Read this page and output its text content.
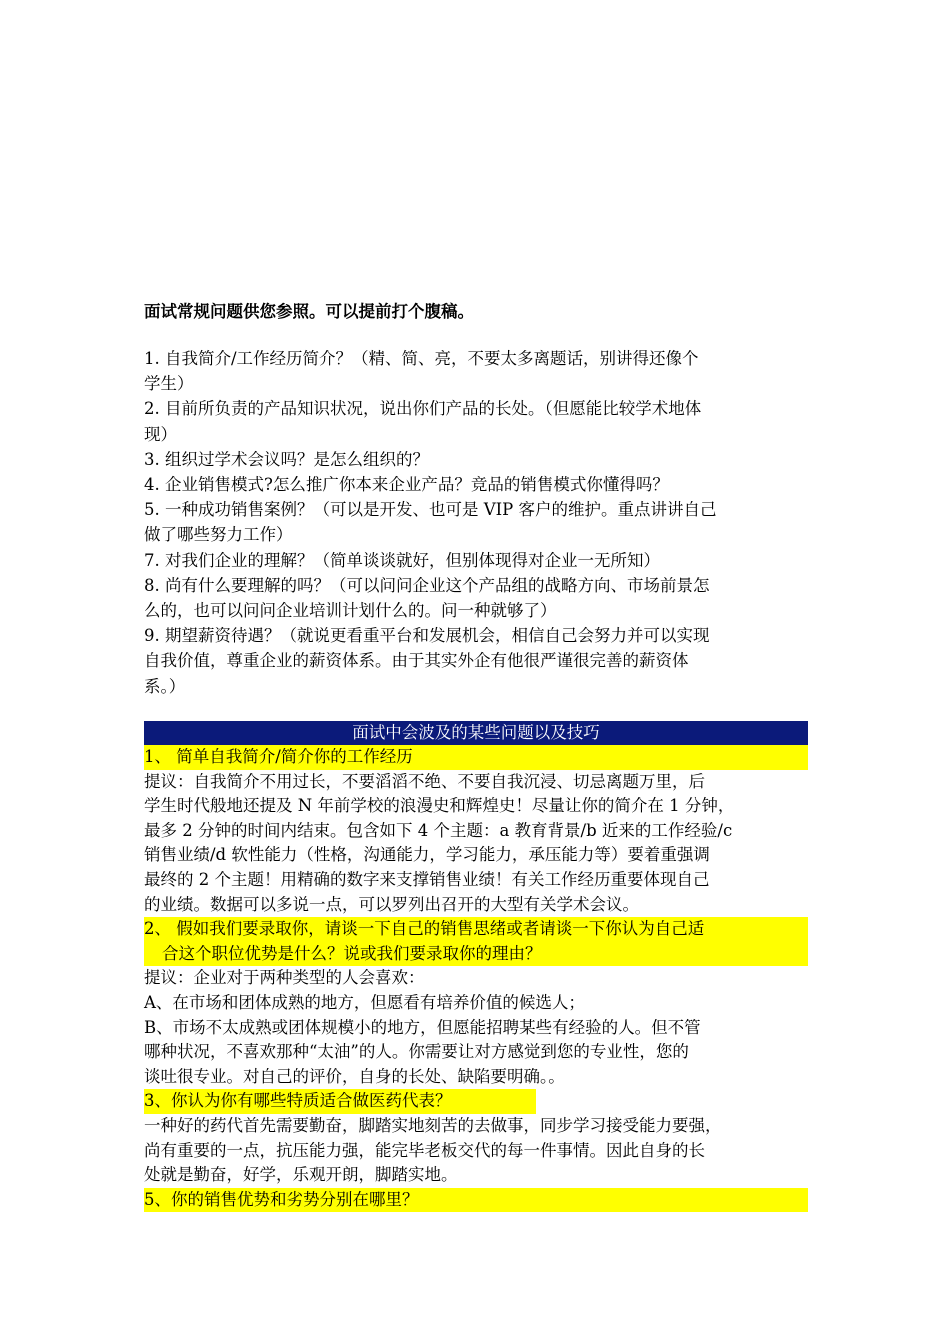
面试常规问题供您参照。可以提前打个腹稿。
1. 自我简介/工作经历简介？（精、简、亮，不要太多离题话，别讲得还像个
学生）
2. 目前所负责的产品知识状况，说出你们产品的长处。（但愿能比较学术地体
现）
3. 组织过学术会议吗？是怎么组织的？
4. 企业销售模式?怎么推广你本来企业产品？竞品的销售模式你懂得吗？
5. 一种成功销售案例？（可以是开发、也可是 VIP 客户的维护。重点讲讲自己
做了哪些努力工作）
7. 对我们企业的理解？（简单谈谈就好，但别体现得对企业一无所知）
8. 尚有什么要理解的吗？（可以问问企业这个产品组的战略方向、市场前景怎
么的，也可以问问企业培训计划什么的。问一种就够了）
9. 期望薪资待遇？（就说更看重平台和发展机会，相信自己会努力并可以实现
自我价值，尊重企业的薪资体系。由于其实外企有他很严谨很完善的薪资体
系。）
面试中会波及的某些问题以及技巧
1、 简单自我简介/简介你的工作经历
提议：自我简介不用过长，不要滔滔不绝、不要自我沉浸、切忌离题万里，后
学生时代般地还提及 N 年前学校的浪漫史和辉煌史！尽量让你的简介在 1 分钟，
最多 2 分钟的时间内结束。包含如下 4 个主题：a 教育背景/b 近来的工作经验/c
销售业绩/d 软性能力（性格，沟通能力，学习能力，承压能力等）要着重强调
最终的 2 个主题！用精确的数字来支撑销售业绩！有关工作经历重要体现自己
的业绩。数据可以多说一点，可以罗列出召开的大型有关学术会议。
2、 假如我们要录取你，请谈一下自己的销售思绪或者请谈一下你认为自己适
合这个职位优势是什么？说或我们要录取你的理由？
提议：企业对于两种类型的人会喜欢：
A、在市场和团体成熟的地方，但愿看有培养价值的候选人；
B、市场不太成熟或团体规模小的地方，但愿能招聘某些有经验的人。但不管
哪种状况，不喜欢那种“太油”的人。你需要让对方感觉到您的专业性，您的
谈吐很专业。对自己的评价，自身的长处、缺陷要明确。。
3、你认为你有哪些特质适合做医药代表？
一种好的药代首先需要勤奋，脚踏实地刻苦的去做事，同步学习接受能力要强，
尚有重要的一点，抗压能力强，能完毕老板交代的每一件事情。因此自身的长
处就是勤奋，好学，乐观开朗，脚踏实地。
5、你的销售优势和劣势分别在哪里？
